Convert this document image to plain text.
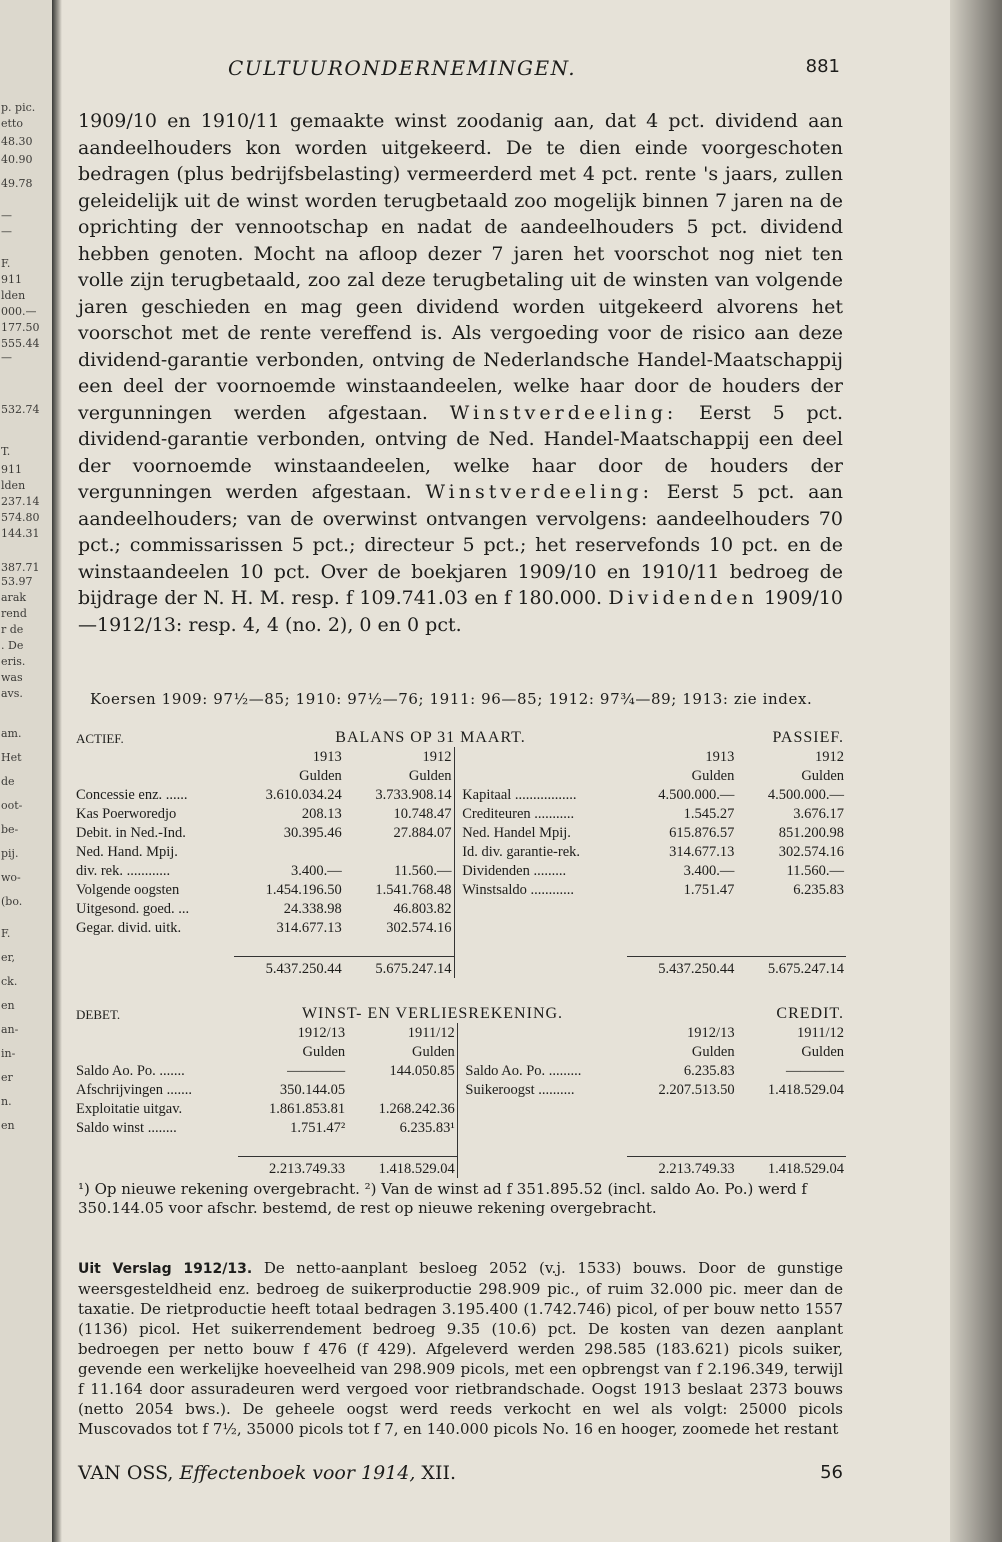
p. pic.
etto
48.30
40.90
49.78
—
—
F.
911
lden
000.—
177.50
555.44
—
532.74
T.
911
lden
237.14
574.80
144.31
387.71
53.97
arak
rend
r de
. De
eris.
was
avs.
am.
Het
de
oot-
be-
pij.
wo-
(bo.
F.
er,
ck.
en
an-
in-
er
n.
en
CULTUURONDERNEMINGEN.	881

1909/10 en 1910/11 gemaakte winst zoodanig aan, dat 4 pct. dividend aan aandeelhouders kon worden uitgekeerd. De te dien einde voorgeschoten bedragen (plus bedrijfsbelasting) vermeerderd met 4 pct. rente 's jaars, zullen geleidelijk uit de winst worden terugbetaald zoo mogelijk binnen 7 jaren na de oprichting der vennootschap en nadat de aandeelhouders 5 pct. dividend hebben genoten. Mocht na afloop dezer 7 jaren het voorschot nog niet ten volle zijn terugbetaald, zoo zal deze terugbetaling uit de winsten van volgende jaren geschieden en mag geen dividend worden uitgekeerd alvorens het voorschot met de rente vereffend is. Als vergoeding voor de risico aan deze dividend-garantie verbonden, ontving de Nederlandsche Handel-Maatschappij een deel der voornoemde winstaandeelen, welke haar door de houders der vergunningen werden afgestaan. Winstverdeeling: Eerst 5 pct. dividend-garantie verbonden, ontving de Ned. Handel-Maatschappij een deel der voornoemde winstaandeelen, welke haar door de houders der vergunningen werden afgestaan. Winstverdeeling: Eerst 5 pct. aan aandeelhouders; van de overwinst ontvangen vervolgens: aandeelhouders 70 pct.; commissarissen 5 pct.; directeur 5 pct.; het reservefonds 10 pct. en de winstaandeelen 10 pct. Over de boekjaren 1909/10 en 1910/11 bedroeg de bijdrage der N. H. M. resp. f 109.741.03 en f 180.000. Dividenden 1909/10—1912/13: resp. 4, 4 (no. 2), 0 en 0 pct.

Koersen 1909: 97½—85; 1910: 97½—76; 1911: 96—85; 1912: 97¾—89; 1913: zie index.
ACTIEF.	BALANS OP 31 MAART.				PASSIEF.	
	1913	1912			1913	1912
	Gulden	Gulden			Gulden	Gulden
Concessie enz. ......	3.610.034.24	3.733.908.14		Kapitaal .................	4.500.000.—	4.500.000.—
Kas Poerworedjo	208.13	10.748.47		Crediteuren ...........	1.545.27	3.676.17
Debit. in Ned.-Ind.	30.395.46	27.884.07		Ned. Handel Mpij.	615.876.57	851.200.98
Ned. Hand. Mpij.				Id. div. garantie-rek.	314.677.13	302.574.16
div. rek. ............	3.400.—	11.560.—		Dividenden .........	3.400.—	11.560.—
Volgende oogsten	1.454.196.50	1.541.768.48		Winstsaldo ............	1.751.47	6.235.83
Uitgesond. goed. ...	24.338.98	46.803.82				
Gegar. divid. uitk.	314.677.13	302.574.16				

	5.437.250.44	5.675.247.14			5.437.250.44	5.675.247.14
DEBET.	WINST- EN VERLIESREKENING.				CREDIT.	
	1912/13	1911/12			1912/13	1911/12
	Gulden	Gulden			Gulden	Gulden
Saldo Ao. Po. .......	————	144.050.85		Saldo Ao. Po. .........	6.235.83	————
Afschrijvingen .......	350.144.05			Suikeroogst ..........	2.207.513.50	1.418.529.04
Exploitatie uitgav.	1.861.853.81	1.268.242.36				
Saldo winst ........	1.751.47²	6.235.83¹				

	2.213.749.33	1.418.529.04			2.213.749.33	1.418.529.04
¹) Op nieuwe rekening overgebracht. ²) Van de winst ad f 351.895.52 (incl. saldo Ao. Po.) werd f 350.144.05 voor afschr. bestemd, de rest op nieuwe rekening overgebracht.

Uit Verslag 1912/13. De netto-aanplant besloeg 2052 (v.j. 1533) bouws. Door de gunstige weersgesteldheid enz. bedroeg de suikerproductie 298.909 pic., of ruim 32.000 pic. meer dan de taxatie. De rietproductie heeft totaal bedragen 3.195.400 (1.742.746) picol, of per bouw netto 1557 (1136) picol. Het suikerrendement bedroeg 9.35 (10.6) pct. De kosten van dezen aanplant bedroegen per netto bouw f 476 (f 429). Afgeleverd werden 298.585 (183.621) picols suiker, gevende een werkelijke hoeveelheid van 298.909 picols, met een opbrengst van f 2.196.349, terwijl f 11.164 door assuradeuren werd vergoed voor rietbrandschade. Oogst 1913 beslaat 2373 bouws (netto 2054 bws.). De geheele oogst werd reeds verkocht en wel als volgt: 25000 picols Muscovados tot f 7½, 35000 picols tot f 7, en 140.000 picols No. 16 en hooger, zoomede het restant

VAN OSS, Effectenboek voor 1914, XII.	56
